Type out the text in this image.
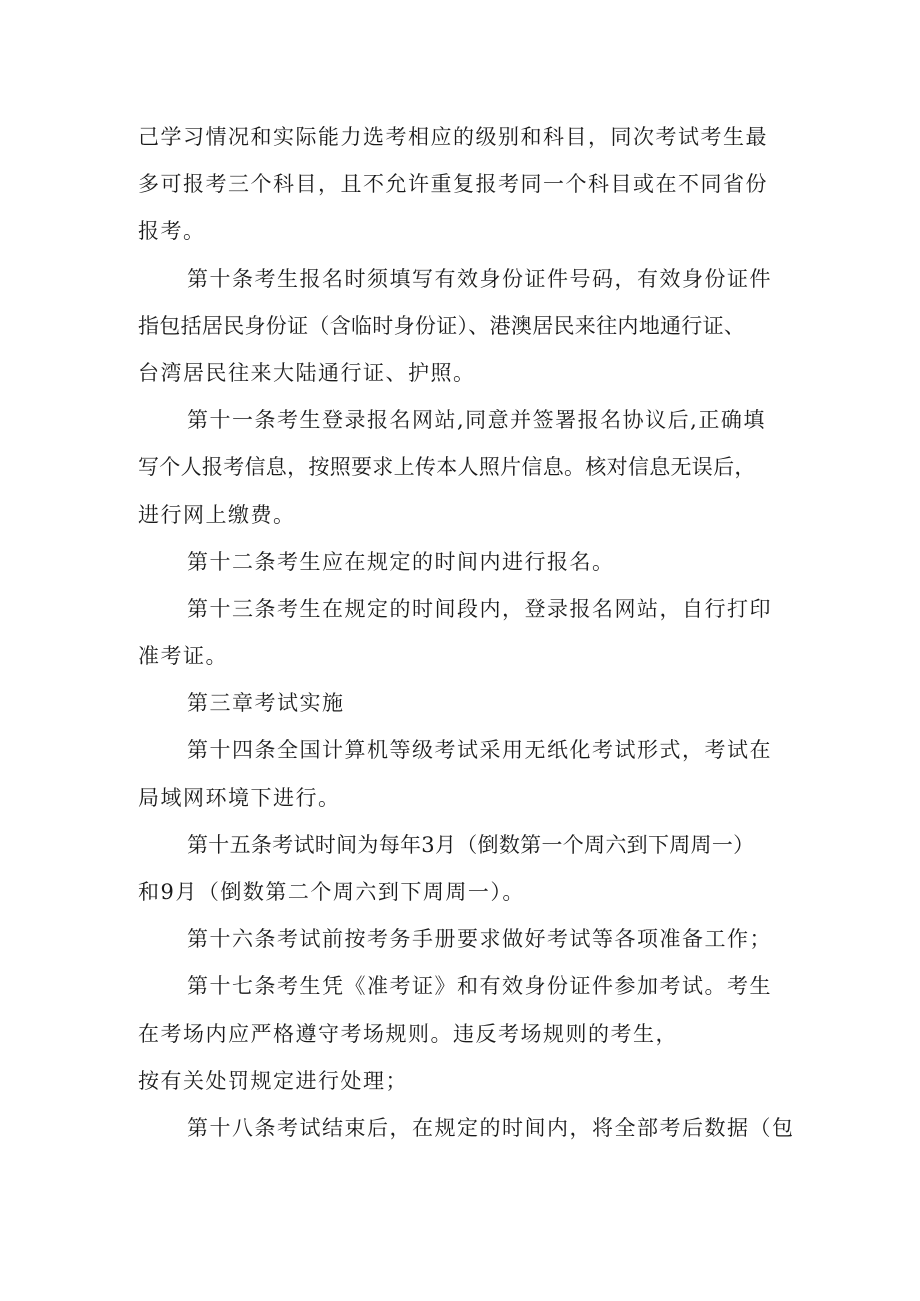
己学习情况和实际能力选考相应的级别和科目，同次考试考生最
多可报考三个科目，且不允许重复报考同一个科目或在不同省份
报考。
第十条考生报名时须填写有效身份证件号码，有效身份证件
指包括居民身份证（含临时身份证）、港澳居民来往内地通行证、
台湾居民往来大陆通行证、护照。
第十一条考生登录报名网站,同意并签署报名协议后,正确填
写个人报考信息，按照要求上传本人照片信息。核对信息无误后，
进行网上缴费。
第十二条考生应在规定的时间内进行报名。
第十三条考生在规定的时间段内，登录报名网站，自行打印
准考证。
第三章考试实施
第十四条全国计算机等级考试采用无纸化考试形式，考试在
局域网环境下进行。
第十五条考试时间为每年3月（倒数第一个周六到下周周一）
和9月（倒数第二个周六到下周周一）。
第十六条考试前按考务手册要求做好考试等各项准备工作；
第十七条考生凭《准考证》和有效身份证件参加考试。考生
在考场内应严格遵守考场规则。违反考场规则的考生，
按有关处罚规定进行处理；
第十八条考试结束后，在规定的时间内，将全部考后数据（包
